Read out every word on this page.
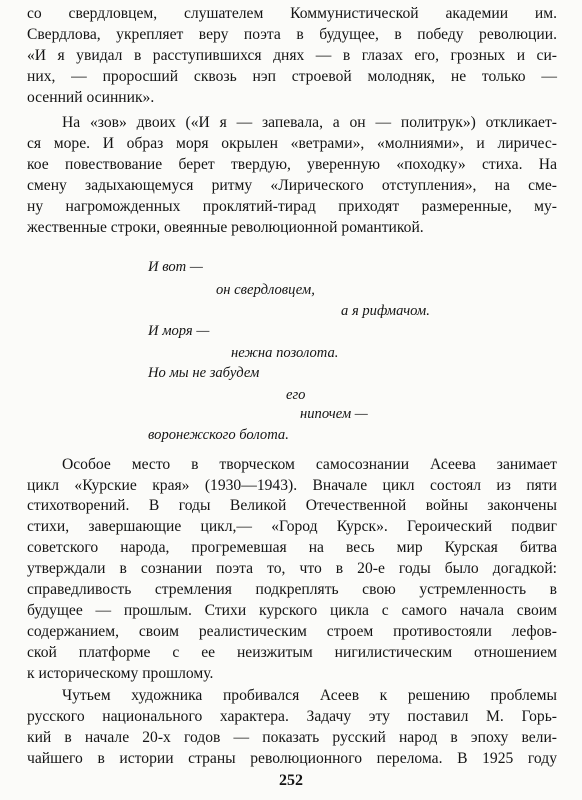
со свердловцем, слушателем Коммунистической академии им.
Свердлова, укрепляет веру поэта в будущее, в победу революции.
«И я увидал в расступившихся днях — в глазах его, грозных и си-
них, — проросший сквозь нэп строевой молодняк, не только —
осенний осинник».
На «зов» двоих («И я — запевала, а он — политрук») откликает-
ся море. И образ моря окрылен «ветрами», «молниями», и лиричес-
кое повествование берет твердую, уверенную «походку» стиха. На
смену задыхающемуся ритму «Лирического отступления», на сме-
ну нагроможденных проклятий-тирад приходят размеренные, му-
жественные строки, овеянные революционной романтикой.
И вот —
он свердловцем,
а я рифмачом.
И моря —
нежна позолота.
Но мы не забудем
его
нипочем —
воронежского болота.
Особое место в творческом самосознании Асеева занимает
цикл «Курские края» (1930—1943). Вначале цикл состоял из пяти
стихотворений. В годы Великой Отечественной войны закончены
стихи, завершающие цикл,— «Город Курск». Героический подвиг
советского народа, прогремевшая на весь мир Курская битва
утверждали в сознании поэта то, что в 20-е годы было догадкой:
справедливость стремления подкреплять свою устремленность в
будущее — прошлым. Стихи курского цикла с самого начала своим
содержанием, своим реалистическим строем противостояли лефов-
ской платформе с ее неизжитым нигилистическим отношением
к историческому прошлому.
Чутьем художника пробивался Асеев к решению проблемы
русского национального характера. Задачу эту поставил М. Горь-
кий в начале 20-х годов — показать русский народ в эпоху вели-
чайшего в истории страны революционного перелома. В 1925 году
252
